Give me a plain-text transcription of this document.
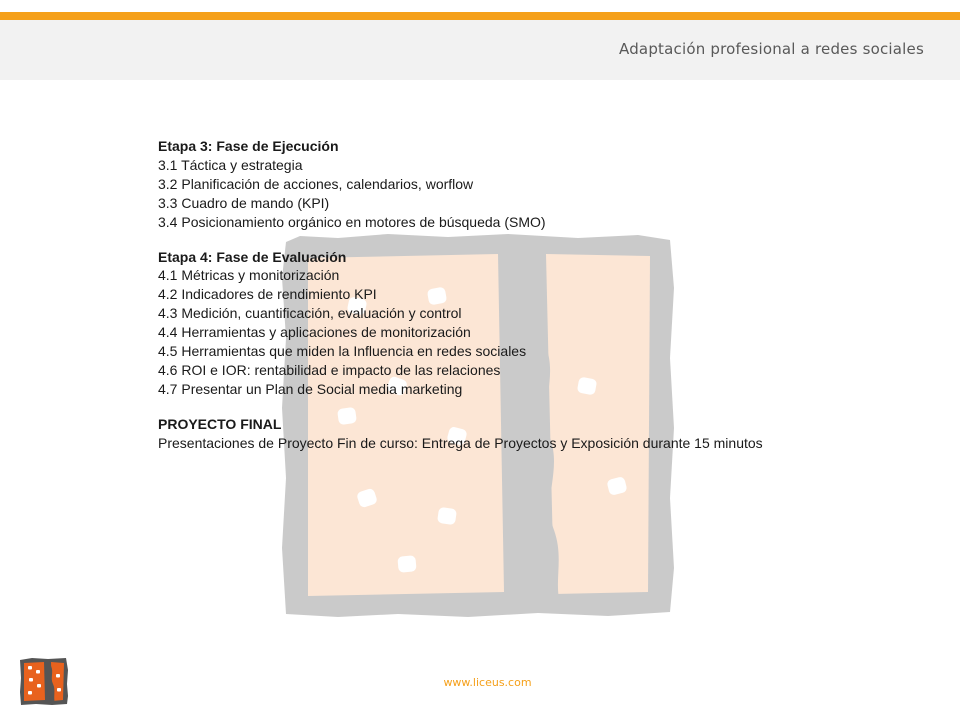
Adaptación profesional a redes sociales
Etapa 3: Fase de Ejecución
3.1 Táctica y estrategia
3.2 Planificación de acciones, calendarios, worflow
3.3 Cuadro de mando (KPI)
3.4 Posicionamiento orgánico en motores de búsqueda (SMO)
Etapa 4: Fase de Evaluación
4.1 Métricas y monitorización
4.2 Indicadores de rendimiento KPI
4.3 Medición, cuantificación, evaluación y control
4.4 Herramientas y aplicaciones de monitorización
4.5 Herramientas que miden la Influencia en redes sociales
4.6 ROI e IOR: rentabilidad e impacto de las relaciones
4.7 Presentar un Plan de Social media marketing
PROYECTO FINAL
Presentaciones de Proyecto Fin de curso: Entrega de Proyectos y Exposición durante 15 minutos
www.liceus.com
